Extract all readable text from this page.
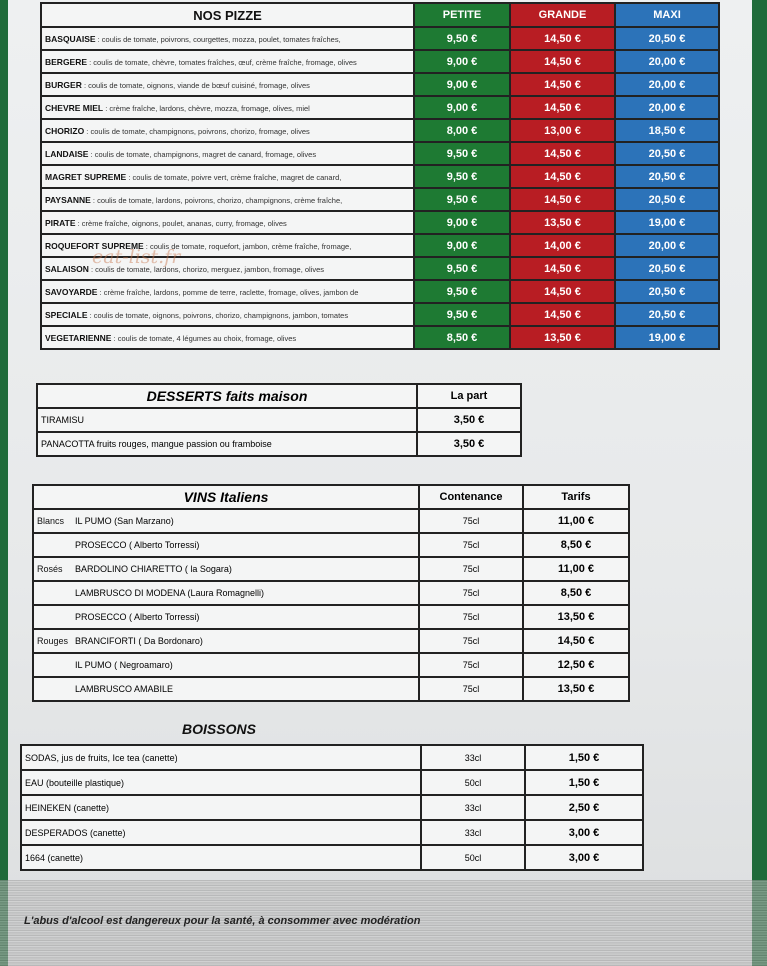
NOS PIZZE	PETITE	GRANDE	MAXI
BASQUAISE : coulis de tomate, poivrons, courgettes, mozza, poulet, tomates fraîches,	9,50 €	14,50 €	20,50 €
BERGERE : coulis de tomate, chèvre, tomates fraîches, œuf, crème fraîche, fromage, olives	9,00 €	14,50 €	20,00 €
BURGER : coulis de tomate, oignons, viande de bœuf cuisiné, fromage, olives	9,00 €	14,50 €	20,00 €
CHEVRE MIEL : crème fraîche, lardons, chèvre, mozza, fromage, olives, miel	9,00 €	14,50 €	20,00 €
CHORIZO : coulis de tomate, champignons, poivrons, chorizo, fromage, olives	8,00 €	13,00 €	18,50 €
LANDAISE : coulis de tomate, champignons, magret de canard, fromage, olives	9,50 €	14,50 €	20,50 €
MAGRET SUPREME : coulis de tomate, poivre vert, crème fraîche, magret de canard,	9,50 €	14,50 €	20,50 €
PAYSANNE : coulis de tomate, lardons, poivrons, chorizo, champignons, crème fraîche,	9,50 €	14,50 €	20,50 €
PIRATE : crème fraîche, oignons, poulet, ananas, curry, fromage, olives	9,00 €	13,50 €	19,00 €
ROQUEFORT SUPREME : coulis de tomate, roquefort, jambon, crème fraîche, fromage,	9,00 €	14,00 €	20,00 €
SALAISON : coulis de tomate, lardons, chorizo, merguez, jambon, fromage, olives	9,50 €	14,50 €	20,50 €
SAVOYARDE : crème fraîche, lardons, pomme de terre, raclette, fromage, olives, jambon de	9,50 €	14,50 €	20,50 €
SPECIALE : coulis de tomate, oignons, poivrons, chorizo, champignons, jambon, tomates	9,50 €	14,50 €	20,50 €
VEGETARIENNE : coulis de tomate, 4 légumes au choix, fromage, olives	8,50 €	13,50 €	19,00 €
eat-list.fr
DESSERTS faits maison	La part
TIRAMISU	3,50 €
PANACOTTA fruits rouges, mangue passion ou framboise	3,50 €
VINS Italiens	Contenance	Tarifs
Blancs IL PUMO (San Marzano)	75cl	11,00 €
PROSECCO ( Alberto Torressi)	75cl	8,50 €
Rosés BARDOLINO CHIARETTO ( la Sogara)	75cl	11,00 €
LAMBRUSCO DI MODENA (Laura Romagnelli)	75cl	8,50 €
PROSECCO ( Alberto Torressi)	75cl	13,50 €
Rouges BRANCIFORTI ( Da Bordonaro)	75cl	14,50 €
IL PUMO ( Negroamaro)	75cl	12,50 €
LAMBRUSCO AMABILE	75cl	13,50 €
BOISSONS
SODAS, jus de fruits, Ice tea (canette)	33cl	1,50 €
EAU (bouteille plastique)	50cl	1,50 €
HEINEKEN (canette)	33cl	2,50 €
DESPERADOS (canette)	33cl	3,00 €
1664 (canette)	50cl	3,00 €
L'abus d'alcool est dangereux pour la santé, à consommer avec modération
